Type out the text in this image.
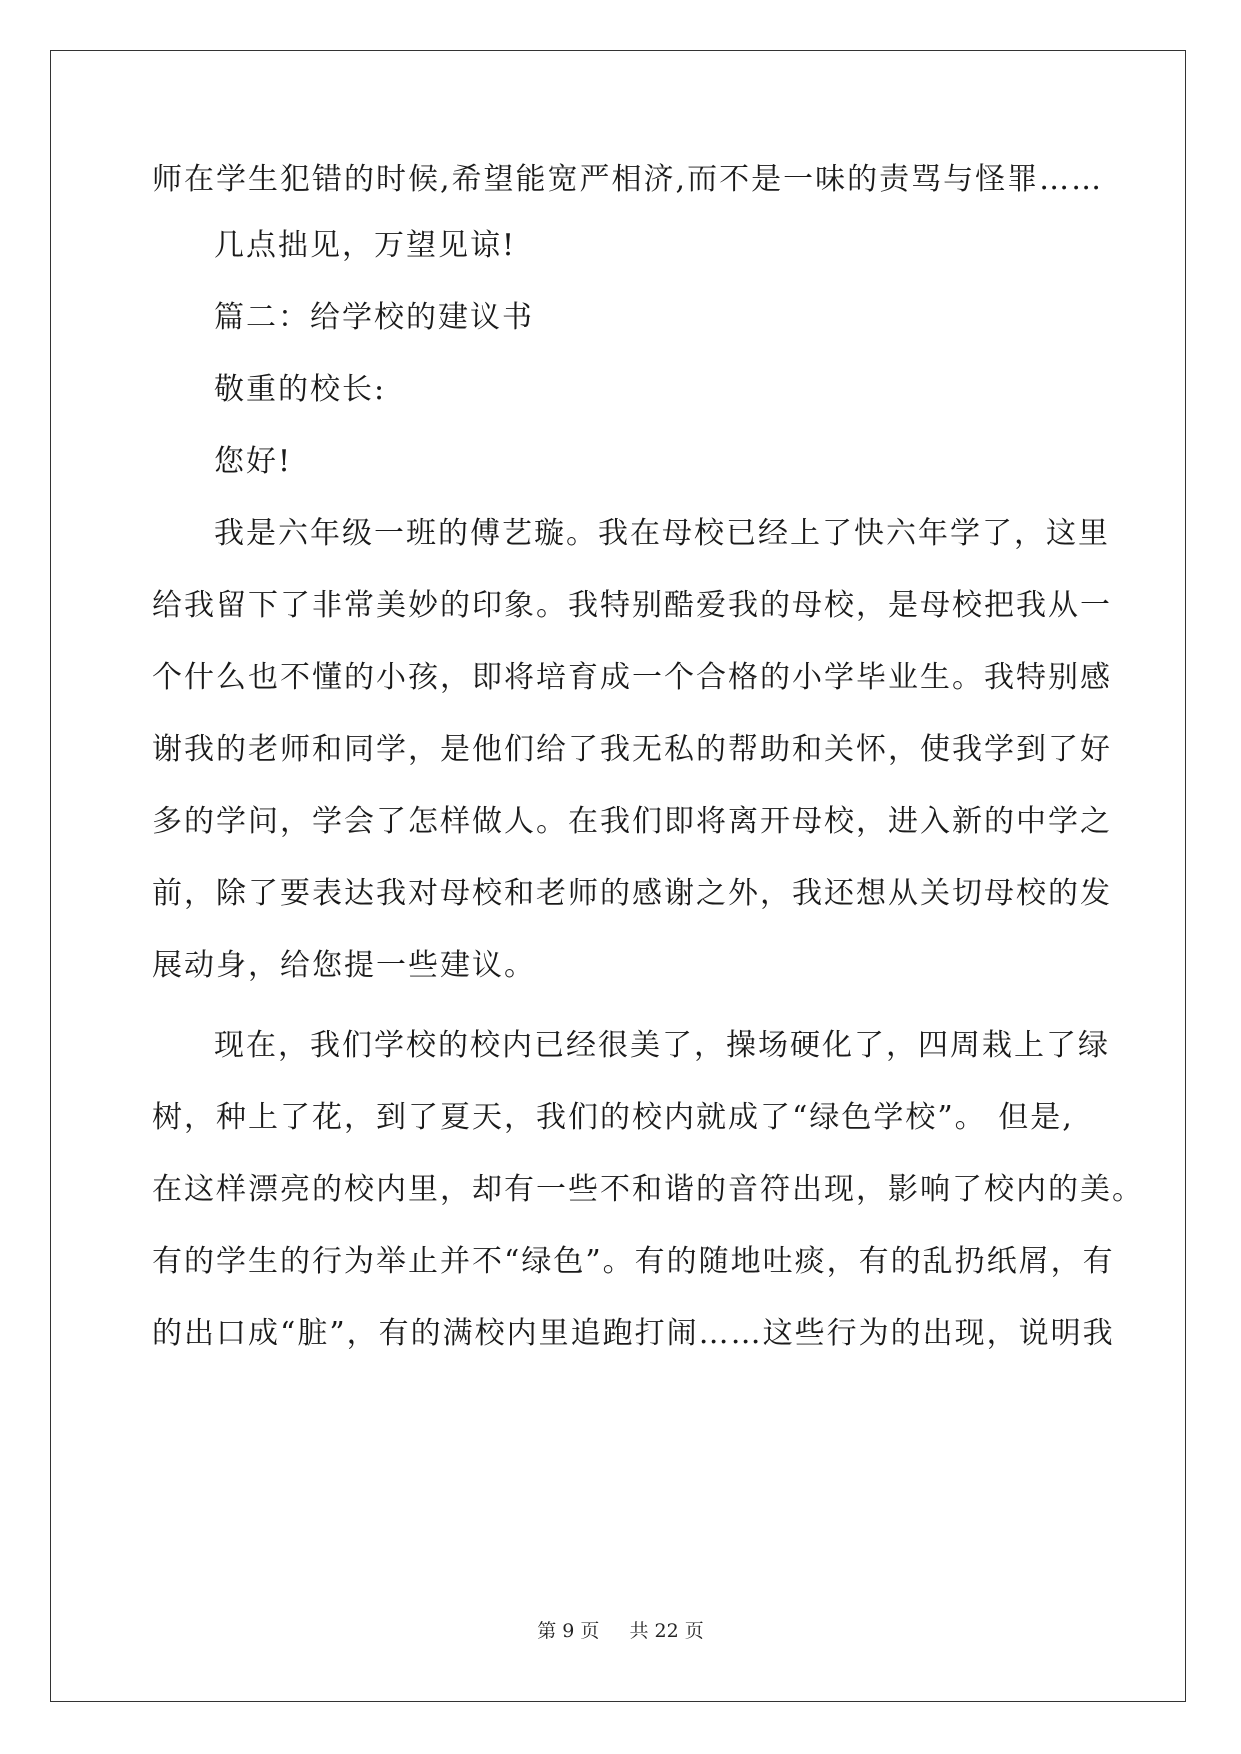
师在学生犯错的时候,希望能宽严相济,而不是一味的责骂与怪罪……
几点拙见，万望见谅!
篇二：给学校的建议书
敬重的校长:
您好!
我是六年级一班的傅艺璇。我在母校已经上了快六年学了，这里
给我留下了非常美妙的印象。我特别酷爱我的母校，是母校把我从一
个什么也不懂的小孩，即将培育成一个合格的小学毕业生。我特别感
谢我的老师和同学，是他们给了我无私的帮助和关怀，使我学到了好
多的学问，学会了怎样做人。在我们即将离开母校，进入新的中学之
前，除了要表达我对母校和老师的感谢之外，我还想从关切母校的发
展动身，给您提一些建议。
现在，我们学校的校内已经很美了，操场硬化了，四周栽上了绿
树，种上了花，到了夏天，我们的校内就成了“绿色学校”。 但是,
在这样漂亮的校内里，却有一些不和谐的音符出现，影响了校内的美。
有的学生的行为举止并不“绿色”。有的随地吐痰，有的乱扔纸屑，有
的出口成“脏”，有的满校内里追跑打闹……这些行为的出现，说明我
第 9 页 共 22 页
